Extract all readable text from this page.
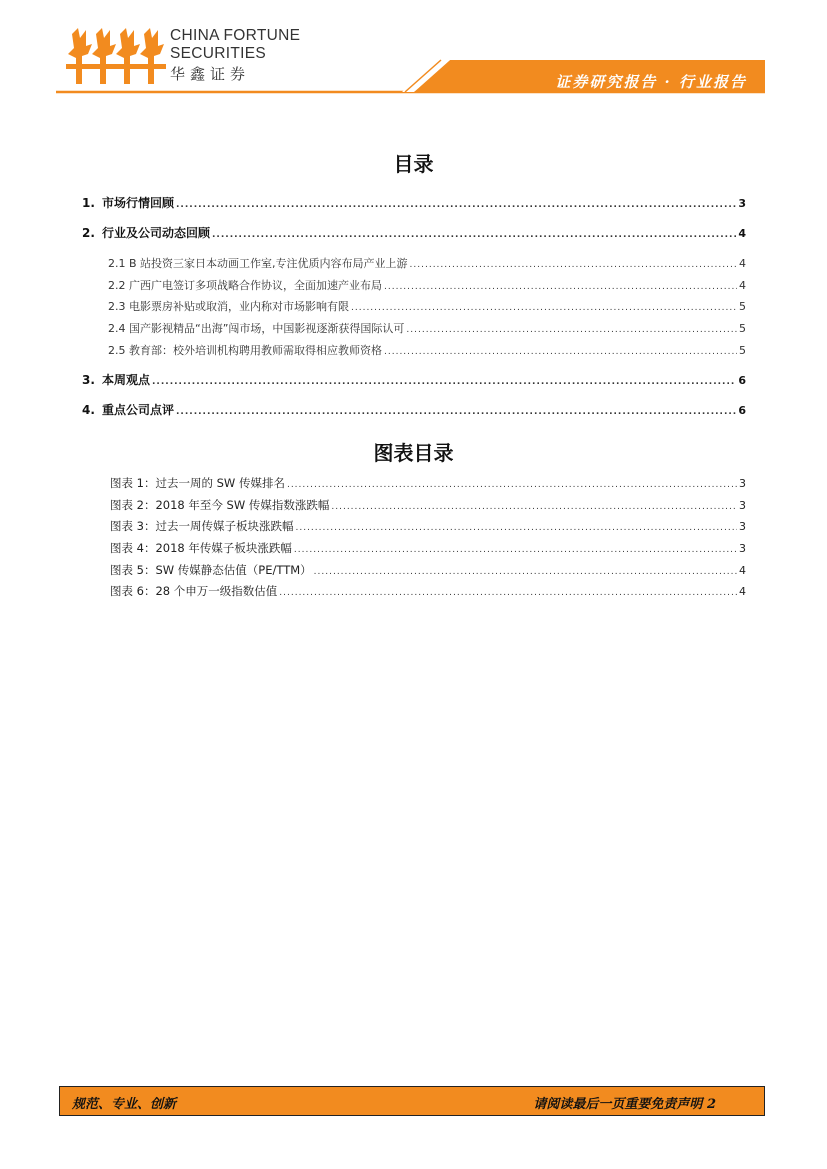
CHINA FORTUNE
SECURITIES
华鑫证券	证券研究报告 · 行业报告
目录
1. 市场行情回顾 .....	3
2. 行业及公司动态回顾 .....	4
2.1 B 站投资三家日本动画工作室,专注优质内容布局产业上游 .....	4
2.2 广西广电签订多项战略合作协议，全面加速产业布局 .....	4
2.3 电影票房补贴或取消，业内称对市场影响有限 .....	5
2.4 国产影视精品“出海”闯市场，中国影视逐渐获得国际认可 .....	5
2.5 教育部：校外培训机构聘用教师需取得相应教师资格 .....	5
3. 本周观点 .....	6
4. 重点公司点评 .....	6
图表目录
图表 1：过去一周的 SW 传媒排名 .....	3
图表 2：2018 年至今 SW 传媒指数涨跌幅 .....	3
图表 3：过去一周传媒子板块涨跌幅 .....	3
图表 4：2018 年传媒子板块涨跌幅 .....	3
图表 5：SW 传媒静态估值（PE/TTM） .....	4
图表 6：28 个申万一级指数估值 .....	4
规范、专业、创新	请阅读最后一页重要免责声明 2
